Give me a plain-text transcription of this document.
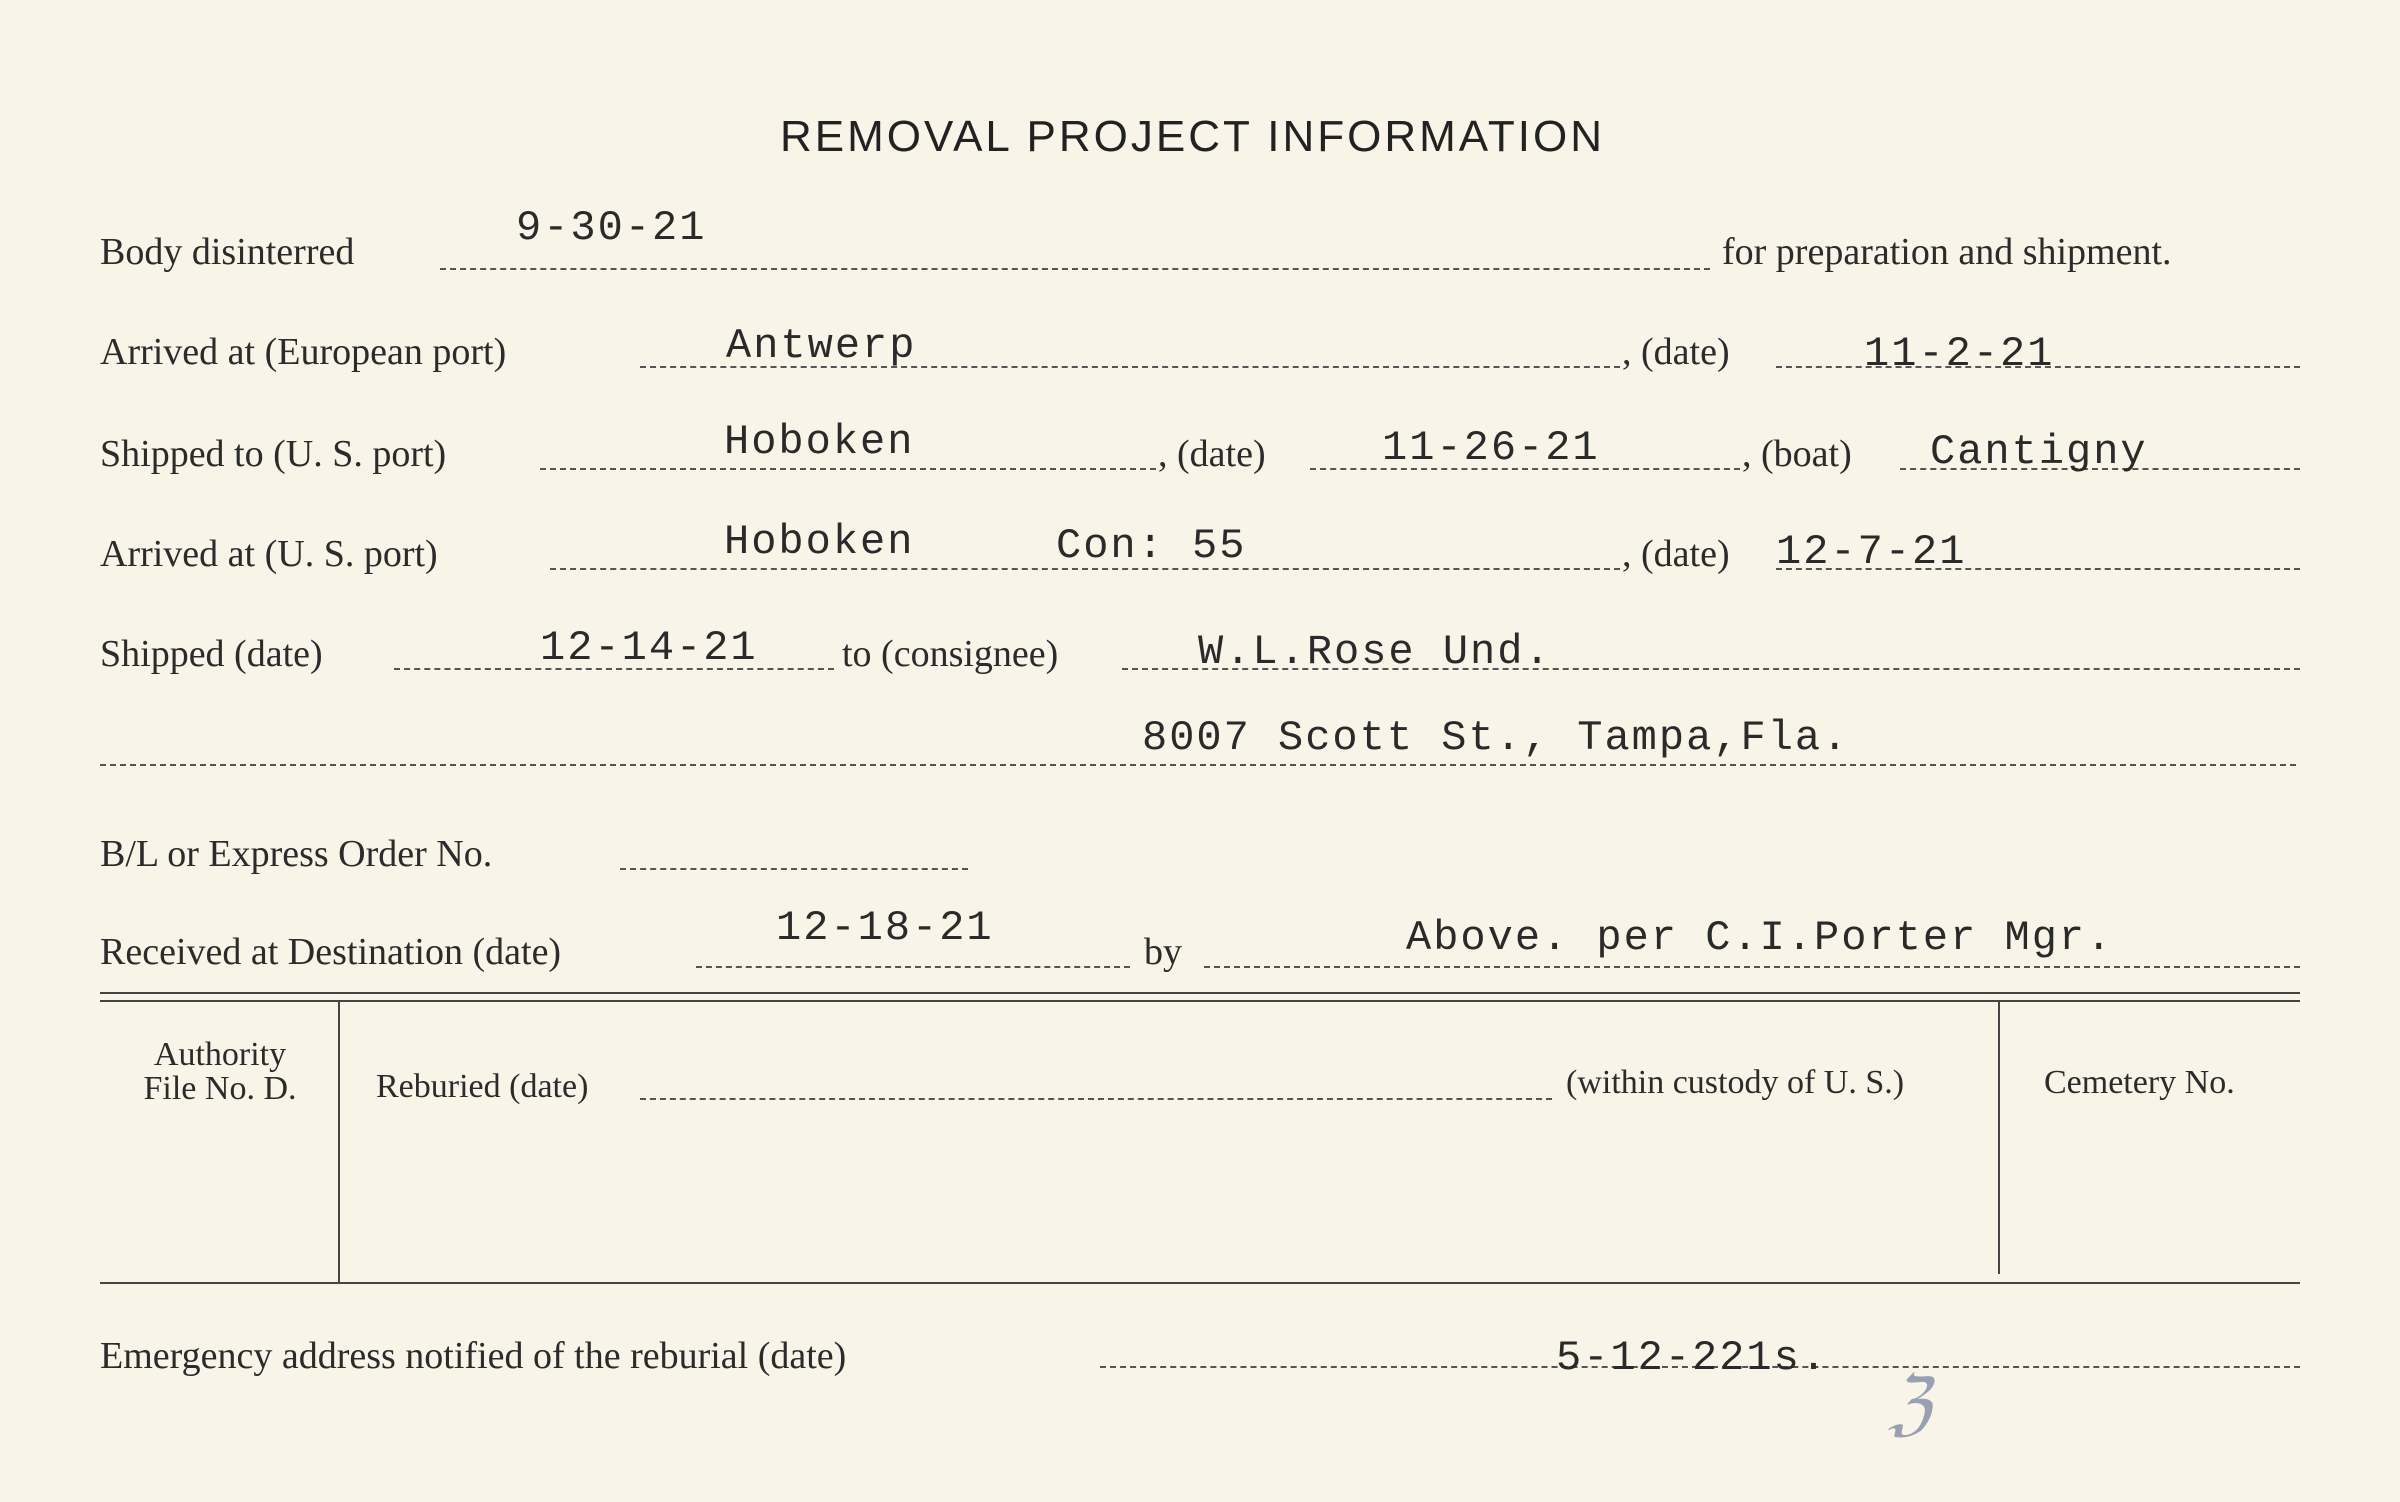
REMOVAL PROJECT INFORMATION
Body disinterred	9-30-21	for preparation and shipment.
Arrived at (European port)	Antwerp	, (date)	11-2-21
Shipped to (U. S. port)	Hoboken	, (date)	11-26-21	, (boat) Cantigny
Arrived at (U. S. port)	Hoboken	Con: 55	, (date) 12-7-21
Shipped (date)	12-14-21 to (consignee)	W.L.Rose Und.
8007 Scott St., Tampa,Fla.
B/L or Express Order No.
Received at Destination (date)	12-18-21	by	Above. per C.I.Porter Mgr.
Authority
File No. D.	Reburied (date)	(within custody of U. S.)	Cemetery No.
Emergency address notified of the reburial (date)	5-12-221s.
ℨ
